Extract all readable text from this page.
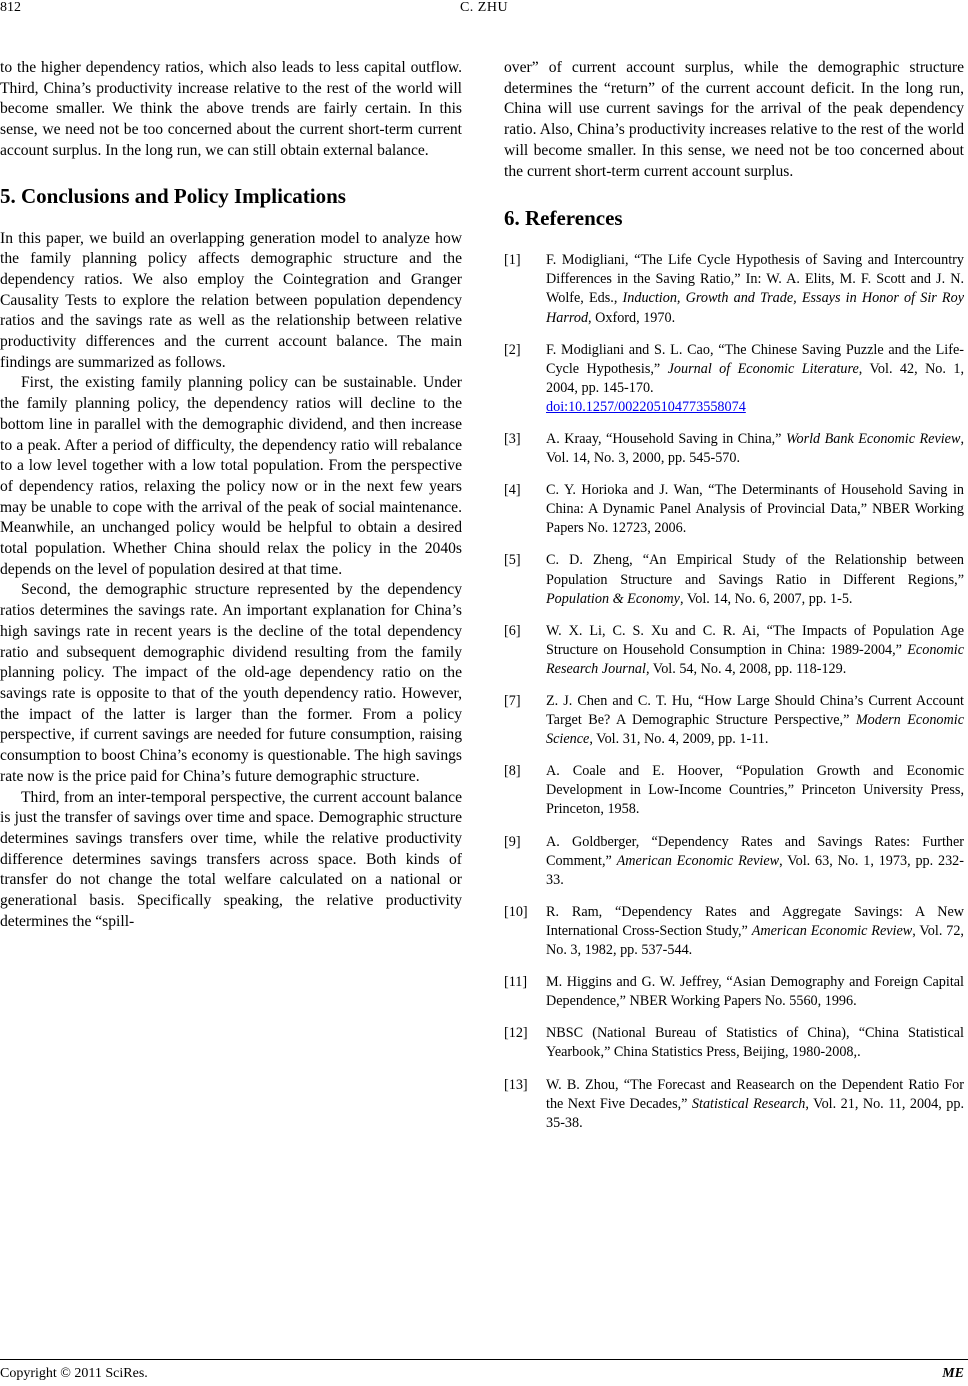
812	C. ZHU

to the higher dependency ratios, which also leads to less capital outflow. Third, China’s productivity increase relative to the rest of the world will become smaller. We think the above trends are fairly certain. In this sense, we need not be too concerned about the current short-term current account surplus. In the long run, we can still obtain external balance.

5. Conclusions and Policy Implications

In this paper, we build an overlapping generation model to analyze how the family planning policy affects demographic structure and the dependency ratios. We also employ the Cointegration and Granger Causality Tests to explore the relation between population dependency ratios and the savings rate as well as the relationship between relative productivity differences and the current account balance. The main findings are summarized as follows.

First, the existing family planning policy can be sustainable. Under the family planning policy, the dependency ratios will decline to the bottom line in parallel with the demographic dividend, and then increase to a peak. After a period of difficulty, the dependency ratio will rebalance to a low level together with a low total population. From the perspective of dependency ratios, relaxing the policy now or in the next few years may be unable to cope with the arrival of the peak of social maintenance. Meanwhile, an unchanged policy would be helpful to obtain a desired total population. Whether China should relax the policy in the 2040s depends on the level of population desired at that time.

Second, the demographic structure represented by the dependency ratios determines the savings rate. An important explanation for China’s high savings rate in recent years is the decline of the total dependency ratio and subsequent demographic dividend resulting from the family planning policy. The impact of the old-age dependency ratio on the savings rate is opposite to that of the youth dependency ratio. However, the impact of the latter is larger than the former. From a policy perspective, if current savings are needed for future consumption, raising consumption to boost China’s economy is questionable. The high savings rate now is the price paid for China’s future demographic structure.

Third, from an inter-temporal perspective, the current account balance is just the transfer of savings over time and space. Demographic structure determines savings transfers over time, while the relative productivity difference determines savings transfers across space. Both kinds of transfer do not change the total welfare calculated on a national or generational basis. Specifically speaking, the relative productivity determines the “spill-

over” of current account surplus, while the demographic structure determines the “return” of the current account deficit. In the long run, China will use current savings for the arrival of the peak dependency ratio. Also, China’s productivity increases relative to the rest of the world will become smaller. In this sense, we need not be too concerned about the current short-term current account surplus.

6. References
[1]	F. Modigliani, “The Life Cycle Hypothesis of Saving and Intercountry Differences in the Saving Ratio,” In: W. A. Elits, M. F. Scott and J. N. Wolfe, Eds., Induction, Growth and Trade, Essays in Honor of Sir Roy Harrod, Oxford, 1970.
[2]	F. Modigliani and S. L. Cao, “The Chinese Saving Puzzle and the Life-Cycle Hypothesis,” Journal of Economic Literature, Vol. 42, No. 1, 2004, pp. 145-170.
doi:10.1257/002205104773558074
[3]	A. Kraay, “Household Saving in China,” World Bank Economic Review, Vol. 14, No. 3, 2000, pp. 545-570.
[4]	C. Y. Horioka and J. Wan, “The Determinants of Household Saving in China: A Dynamic Panel Analysis of Provincial Data,” NBER Working Papers No. 12723, 2006.
[5]	C. D. Zheng, “An Empirical Study of the Relationship between Population Structure and Savings Ratio in Different Regions,” Population & Economy, Vol. 14, No. 6, 2007, pp. 1-5.
[6]	W. X. Li, C. S. Xu and C. R. Ai, “The Impacts of Population Age Structure on Household Consumption in China: 1989-2004,” Economic Research Journal, Vol. 54, No. 4, 2008, pp. 118-129.
[7]	Z. J. Chen and C. T. Hu, “How Large Should China’s Current Account Target Be? A Demographic Structure Perspective,” Modern Economic Science, Vol. 31, No. 4, 2009, pp. 1-11.
[8]	A. Coale and E. Hoover, “Population Growth and Economic Development in Low-Income Countries,” Princeton University Press, Princeton, 1958.
[9]	A. Goldberger, “Dependency Rates and Savings Rates: Further Comment,” American Economic Review, Vol. 63, No. 1, 1973, pp. 232-33.
[10]	R. Ram, “Dependency Rates and Aggregate Savings: A New International Cross-Section Study,” American Economic Review, Vol. 72, No. 3, 1982, pp. 537-544.
[11]	M. Higgins and G. W. Jeffrey, “Asian Demography and Foreign Capital Dependence,” NBER Working Papers No. 5560, 1996.
[12]	NBSC (National Bureau of Statistics of China), “China Statistical Yearbook,” China Statistics Press, Beijing, 1980-2008,.
[13]	W. B. Zhou, “The Forecast and Reasearch on the Dependent Ratio For the Next Five Decades,” Statistical Research, Vol. 21, No. 11, 2004, pp. 35-38.
Copyright © 2011 SciRes.	ME
